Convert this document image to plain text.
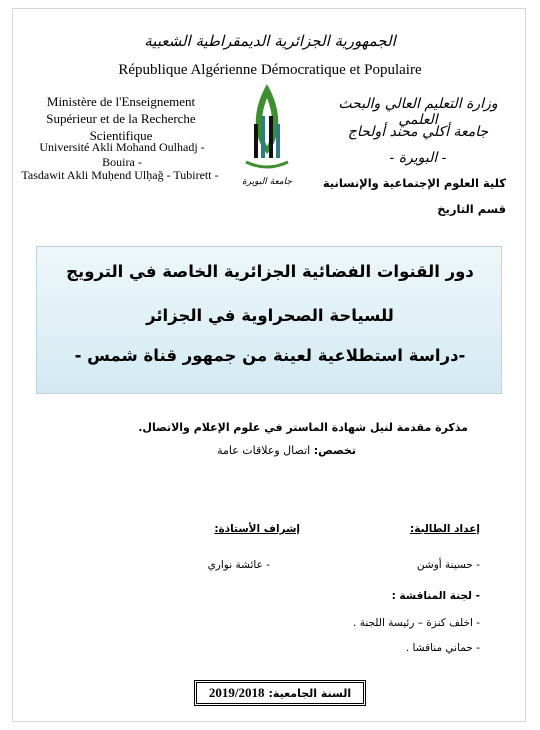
الجمهورية الجزائرية الديمقراطية الشعبية
République Algérienne Démocratique et Populaire
Ministère de l'Enseignement Supérieur et de la Recherche Scientifique
Université Akli Mohand Oulhadj - Bouira -
Tasdawit Akli Muḥend Ulḥağ - Tubirett -	جامعة البويرة
وزارة التعليم العالي والبحث العلمي
جامعة أكلي محند أولحاج
- البويرة -
كلية العلوم الإجتماعية والإنسانية
قسم التاريخ
دور القنوات الفضائية الجزائرية الخاصة في الترويج
للسياحة الصحراوية في الجزائر
-دراسة استطلاعية لعينة من جمهور قناة شمس -
مذكرة مقدمة لنيل شهادة الماستر في علوم الإعلام والاتصال.
تخصص: اتصال وعلاقات عامة
إعداد الطالبة:
إشراف الأستاذة:
- حسينة أوشن
- عائشة نواري
- لجنة المناقشة :
- اخلف كنزة – رئيسة اللجنة .
- حماني مناقشا .
السنة الجامعية:
2019/2018
